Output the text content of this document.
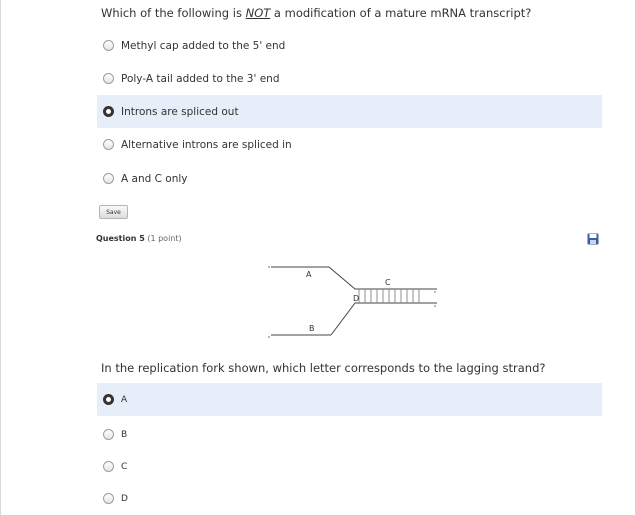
Which of the following is NOT a modification of a mature mRNA transcript?
Methyl cap added to the 5' end
Poly-A tail added to the 3' end
Introns are spliced out
Alternative introns are spliced in
A and C only
Save
Question 5 (1 point)
A
B
C
D
In the replication fork shown, which letter corresponds to the lagging strand?
A
B
C
D
